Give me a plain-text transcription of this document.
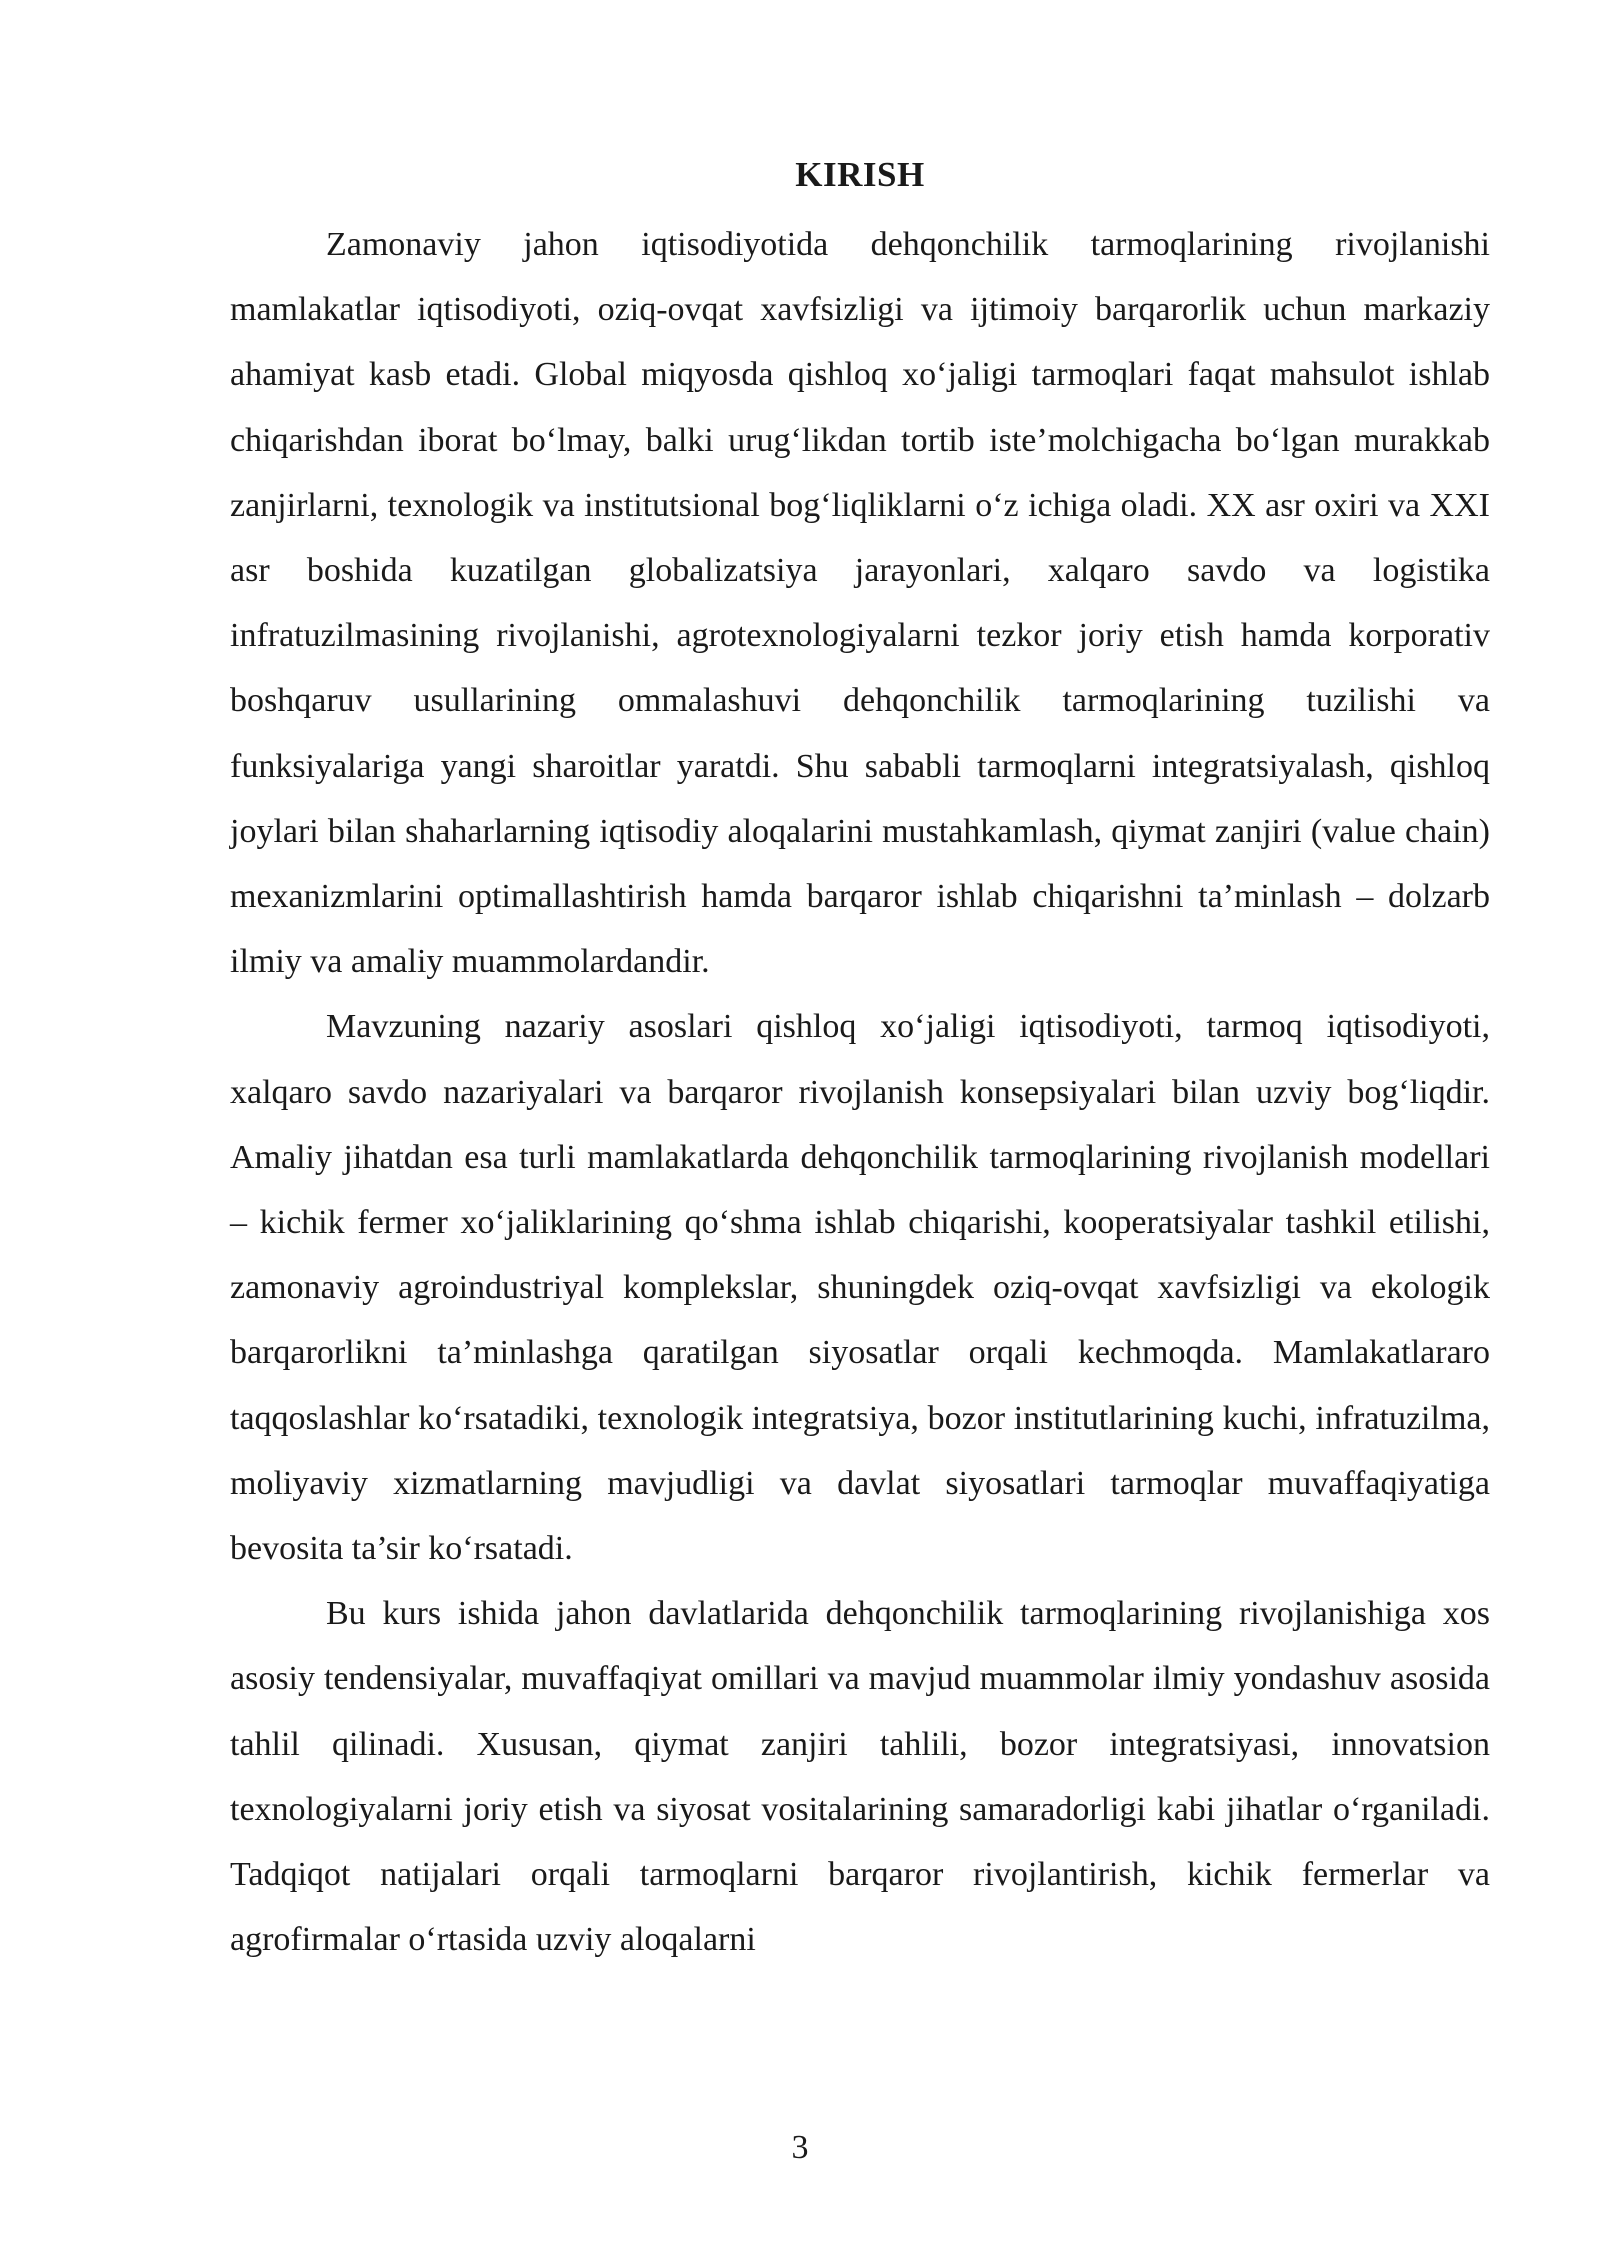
KIRISH

Zamonaviy jahon iqtisodiyotida dehqonchilik tarmoqlarining rivojlanishi mamlakatlar iqtisodiyoti, oziq-ovqat xavfsizligi va ijtimoiy barqarorlik uchun markaziy ahamiyat kasb etadi. Global miqyosda qishloq xo‘jaligi tarmoqlari faqat mahsulot ishlab chiqarishdan iborat bo‘lmay, balki urug‘likdan tortib iste’molchigacha bo‘lgan murakkab zanjirlarni, texnologik va institutsional bog‘liqliklarni o‘z ichiga oladi. XX asr oxiri va XXI asr boshida kuzatilgan globalizatsiya jarayonlari, xalqaro savdo va logistika infratuzilmasining rivojlanishi, agrotexnologiyalarni tezkor joriy etish hamda korporativ boshqaruv usullarining ommalashuvi dehqonchilik tarmoqlarining tuzilishi va funksiyalariga yangi sharoitlar yaratdi. Shu sababli tarmoqlarni integratsiyalash, qishloq joylari bilan shaharlarning iqtisodiy aloqalarini mustahkamlash, qiymat zanjiri (value chain) mexanizmlarini optimallashtirish hamda barqaror ishlab chiqarishni ta’minlash – dolzarb ilmiy va amaliy muammolardandir.

Mavzuning nazariy asoslari qishloq xo‘jaligi iqtisodiyoti, tarmoq iqtisodiyoti, xalqaro savdo nazariyalari va barqaror rivojlanish konsepsiyalari bilan uzviy bog‘liqdir. Amaliy jihatdan esa turli mamlakatlarda dehqonchilik tarmoqlarining rivojlanish modellari – kichik fermer xo‘jaliklarining qo‘shma ishlab chiqarishi, kooperatsiyalar tashkil etilishi, zamonaviy agroindustriyal komplekslar, shuningdek oziq-ovqat xavfsizligi va ekologik barqarorlikni ta’minlashga qaratilgan siyosatlar orqali kechmoqda. Mamlakatlararo taqqoslashlar ko‘rsatadiki, texnologik integratsiya, bozor institutlarining kuchi, infratuzilma, moliyaviy xizmatlarning mavjudligi va davlat siyosatlari tarmoqlar muvaffaqiyatiga bevosita ta’sir ko‘rsatadi.

Bu kurs ishida jahon davlatlarida dehqonchilik tarmoqlarining rivojlanishiga xos asosiy tendensiyalar, muvaffaqiyat omillari va mavjud muammolar ilmiy yondashuv asosida tahlil qilinadi. Xususan, qiymat zanjiri tahlili, bozor integratsiyasi, innovatsion texnologiyalarni joriy etish va siyosat vositalarining samaradorligi kabi jihatlar o‘rganiladi. Tadqiqot natijalari orqali tarmoqlarni barqaror rivojlantirish, kichik fermerlar va agrofirmalar o‘rtasida uzviy aloqalarni

3
